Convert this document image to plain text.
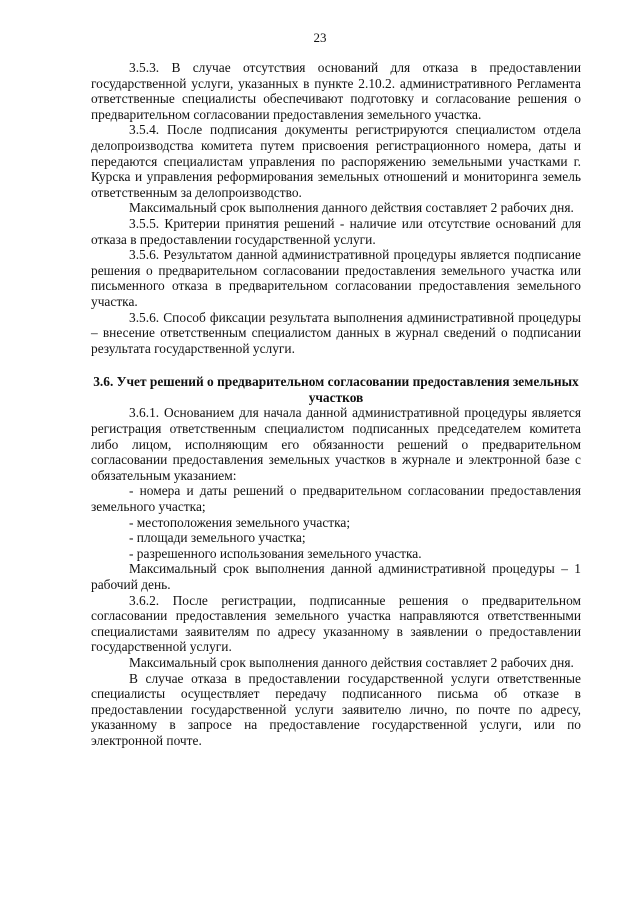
23

3.5.3. В случае отсутствия оснований для отказа в предоставлении государственной услуги, указанных в пункте 2.10.2. административного Регламента ответственные специалисты обеспечивают подготовку и согласование решения о предварительном согласовании предоставления земельного участка.

3.5.4. После подписания документы регистрируются специалистом отдела делопроизводства комитета путем присвоения регистрационного номера, даты и передаются специалистам управления по распоряжению земельными участками г. Курска и управления реформирования земельных отношений и мониторинга земель ответственным за делопроизводство.

Максимальный срок выполнения данного действия составляет 2 рабочих дня.

3.5.5. Критерии принятия решений - наличие или отсутствие оснований для отказа в предоставлении государственной услуги.

3.5.6. Результатом данной административной процедуры является подписание решения о предварительном согласовании предоставления земельного участка или письменного отказа в предварительном согласовании предоставления земельного участка.

3.5.6. Способ фиксации результата выполнения административной процедуры – внесение ответственным специалистом данных в журнал сведений о подписании результата государственной услуги.

3.6. Учет решений о предварительном согласовании предоставления земельных участков

3.6.1. Основанием для начала данной административной процедуры является регистрация ответственным специалистом подписанных председателем комитета либо лицом, исполняющим его обязанности решений о предварительном согласовании предоставления земельных участков в журнале и электронной базе с обязательным указанием:

- номера и даты решений о предварительном согласовании предоставления земельного участка;

- местоположения земельного участка;

- площади земельного участка;

- разрешенного использования земельного участка.

Максимальный срок выполнения данной административной процедуры – 1 рабочий день.

3.6.2. После регистрации, подписанные решения о предварительном согласовании предоставления земельного участка направляются ответственными специалистами заявителям по адресу указанному в заявлении о предоставлении государственной услуги.

Максимальный срок выполнения данного действия составляет 2 рабочих дня.

В случае отказа в предоставлении государственной услуги ответственные специалисты осуществляет передачу подписанного письма об отказе в предоставлении государственной услуги заявителю лично, по почте по адресу, указанному в запросе на предоставление государственной услуги, или по электронной почте.
